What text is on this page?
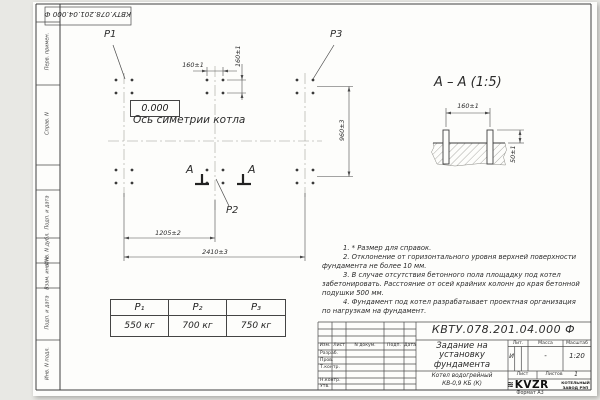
КВТУ.078.201.04.000 Ф
Перв. примен.
Справ. N
Подп. и дата
Инв. N дубл.
Взам. инв. N
Подп. и дата
Инв. N подл.
P1	P3
P2
0.000
Ось симетрии котла
160±1	160±1
960±3
1205±2
2410±3
А	А
А – А (1:5)
160±1
50±1
1. * Размер для справок.
2. Отклонение от горизонтального уровня верхней поверхности
фундамента не более 10 мм.
3. В случае отсутствия бетонного пола площадку под котел
забетонировать. Расстояние от осей крайних колонн до края бетонной
подушки 500 мм.
4. Фундамент под котел разрабатывает проектная организация
по нагрузкам на фундамент.
P₁	P₂	P₃
550 кг	700 кг	750 кг	КВТУ.078.201.04.000 Ф
Задание на
установку
фундамента
Котел водогрейный
КВ-0,9 КБ (К)
Изм. Лист	N докум.	Подп. Дата
Разраб.
Пров.
Т.контр.
Н.контр.
Утв.
Лит.	Масса	Масштаб
И	-	1:20
Лист	Листов	1
≋ KVZR	КОТЕЛЬНЫЙ
ЗАВОД РЭП
Формат А3
